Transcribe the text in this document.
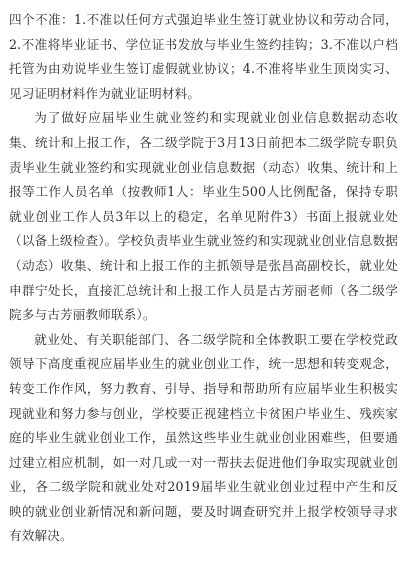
四个不准：1.不准以任何方式强迫毕业生签订就业协议和劳动合同，2.不准将毕业证书、学位证书发放与毕业生签约挂钩；3.不准以户档托管为由劝说毕业生签订虚假就业协议；4.不准将毕业生顶岗实习、见习证明材料作为就业证明材料。

为了做好应届毕业生就业签约和实现就业创业信息数据动态收集、统计和上报工作，各二级学院于3月13日前把本二级学院专职负责毕业生就业签约和实现就业创业信息数据（动态）收集、统计和上报等工作人员名单（按教师1人：毕业生500人比例配备，保持专职就业创业工作人员3年以上的稳定，名单见附件3）书面上报就业处（以备上级检查）。学校负责毕业生就业签约和实现就业创业信息数据（动态）收集、统计和上报工作的主抓领导是张昌高副校长，就业处申群宁处长，直接汇总统计和上报工作人员是古芳丽老师（各二级学院多与古芳丽教师联系）。

就业处、有关职能部门、各二级学院和全体教职工要在学校党政领导下高度重视应届毕业生的就业创业工作，统一思想和转变观念，转变工作作风，努力教育、引导、指导和帮助所有应届毕业生积极实现就业和努力参与创业，学校要正视建档立卡贫困户毕业生、残疾家庭的毕业生就业创业工作，虽然这些毕业生就业创业困难些，但要通过建立相应机制，如一对几或一对一帮扶去促进他们争取实现就业创业，各二级学院和就业处对2019届毕业生就业创业过程中产生和反映的就业创业新情况和新问题，要及时调查研究并上报学校领导寻求有效解决。
